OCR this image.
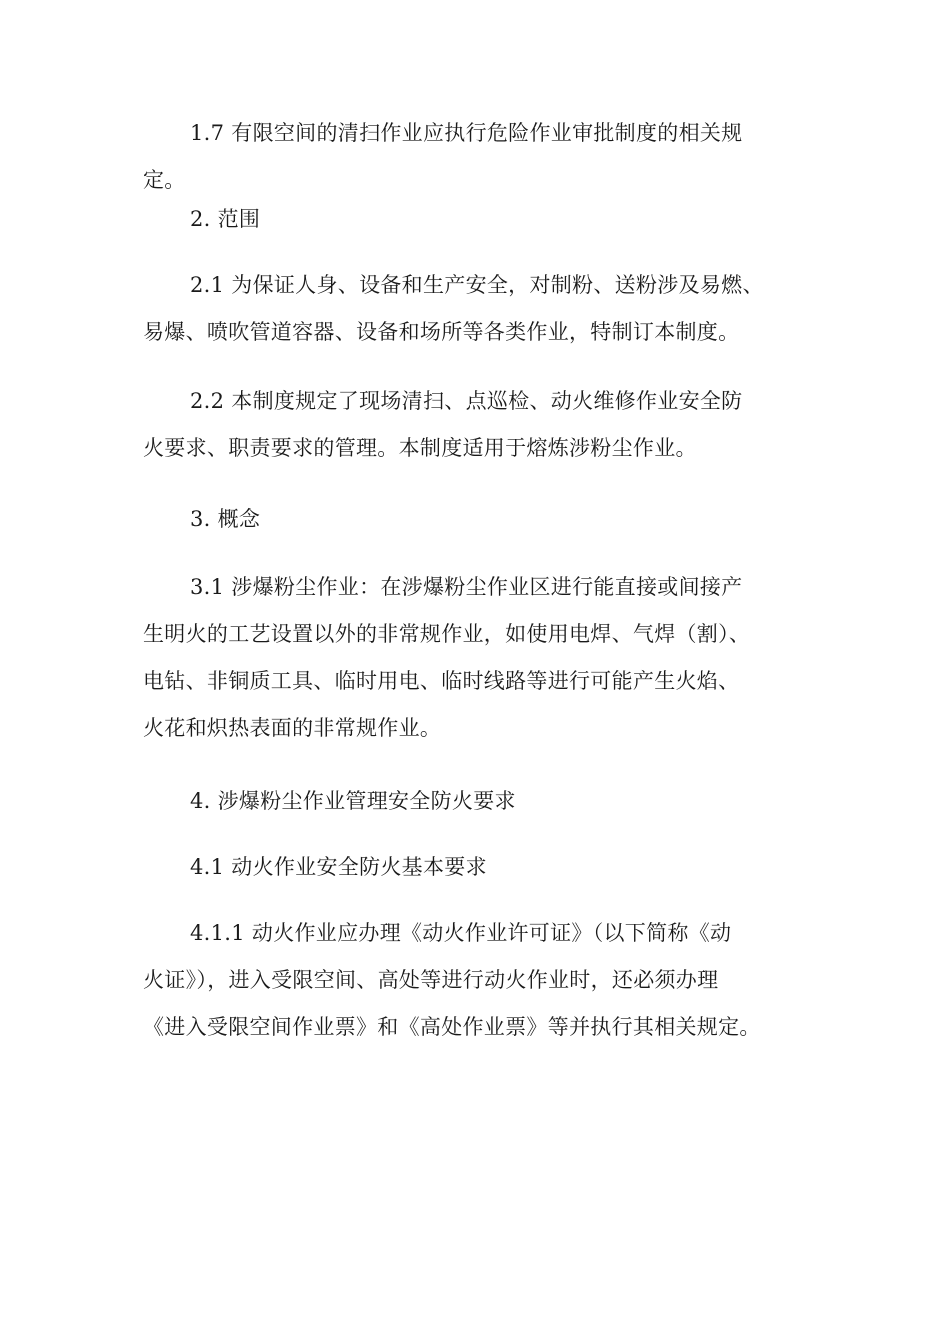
1.7 有限空间的清扫作业应执行危险作业审批制度的相关规
定。

2. 范围

2.1 为保证人身、设备和生产安全，对制粉、送粉涉及易燃、
易爆、喷吹管道容器、设备和场所等各类作业，特制订本制度。

2.2 本制度规定了现场清扫、点巡检、动火维修作业安全防
火要求、职责要求的管理。本制度适用于熔炼涉粉尘作业。

3. 概念

3.1 涉爆粉尘作业：在涉爆粉尘作业区进行能直接或间接产
生明火的工艺设置以外的非常规作业，如使用电焊、气焊（割）、
电钻、非铜质工具、临时用电、临时线路等进行可能产生火焰、
火花和炽热表面的非常规作业。

4. 涉爆粉尘作业管理安全防火要求

4.1 动火作业安全防火基本要求

4.1.1 动火作业应办理《动火作业许可证》（以下简称《动
火证》），进入受限空间、高处等进行动火作业时，还必须办理
《进入受限空间作业票》和《高处作业票》等并执行其相关规定。
